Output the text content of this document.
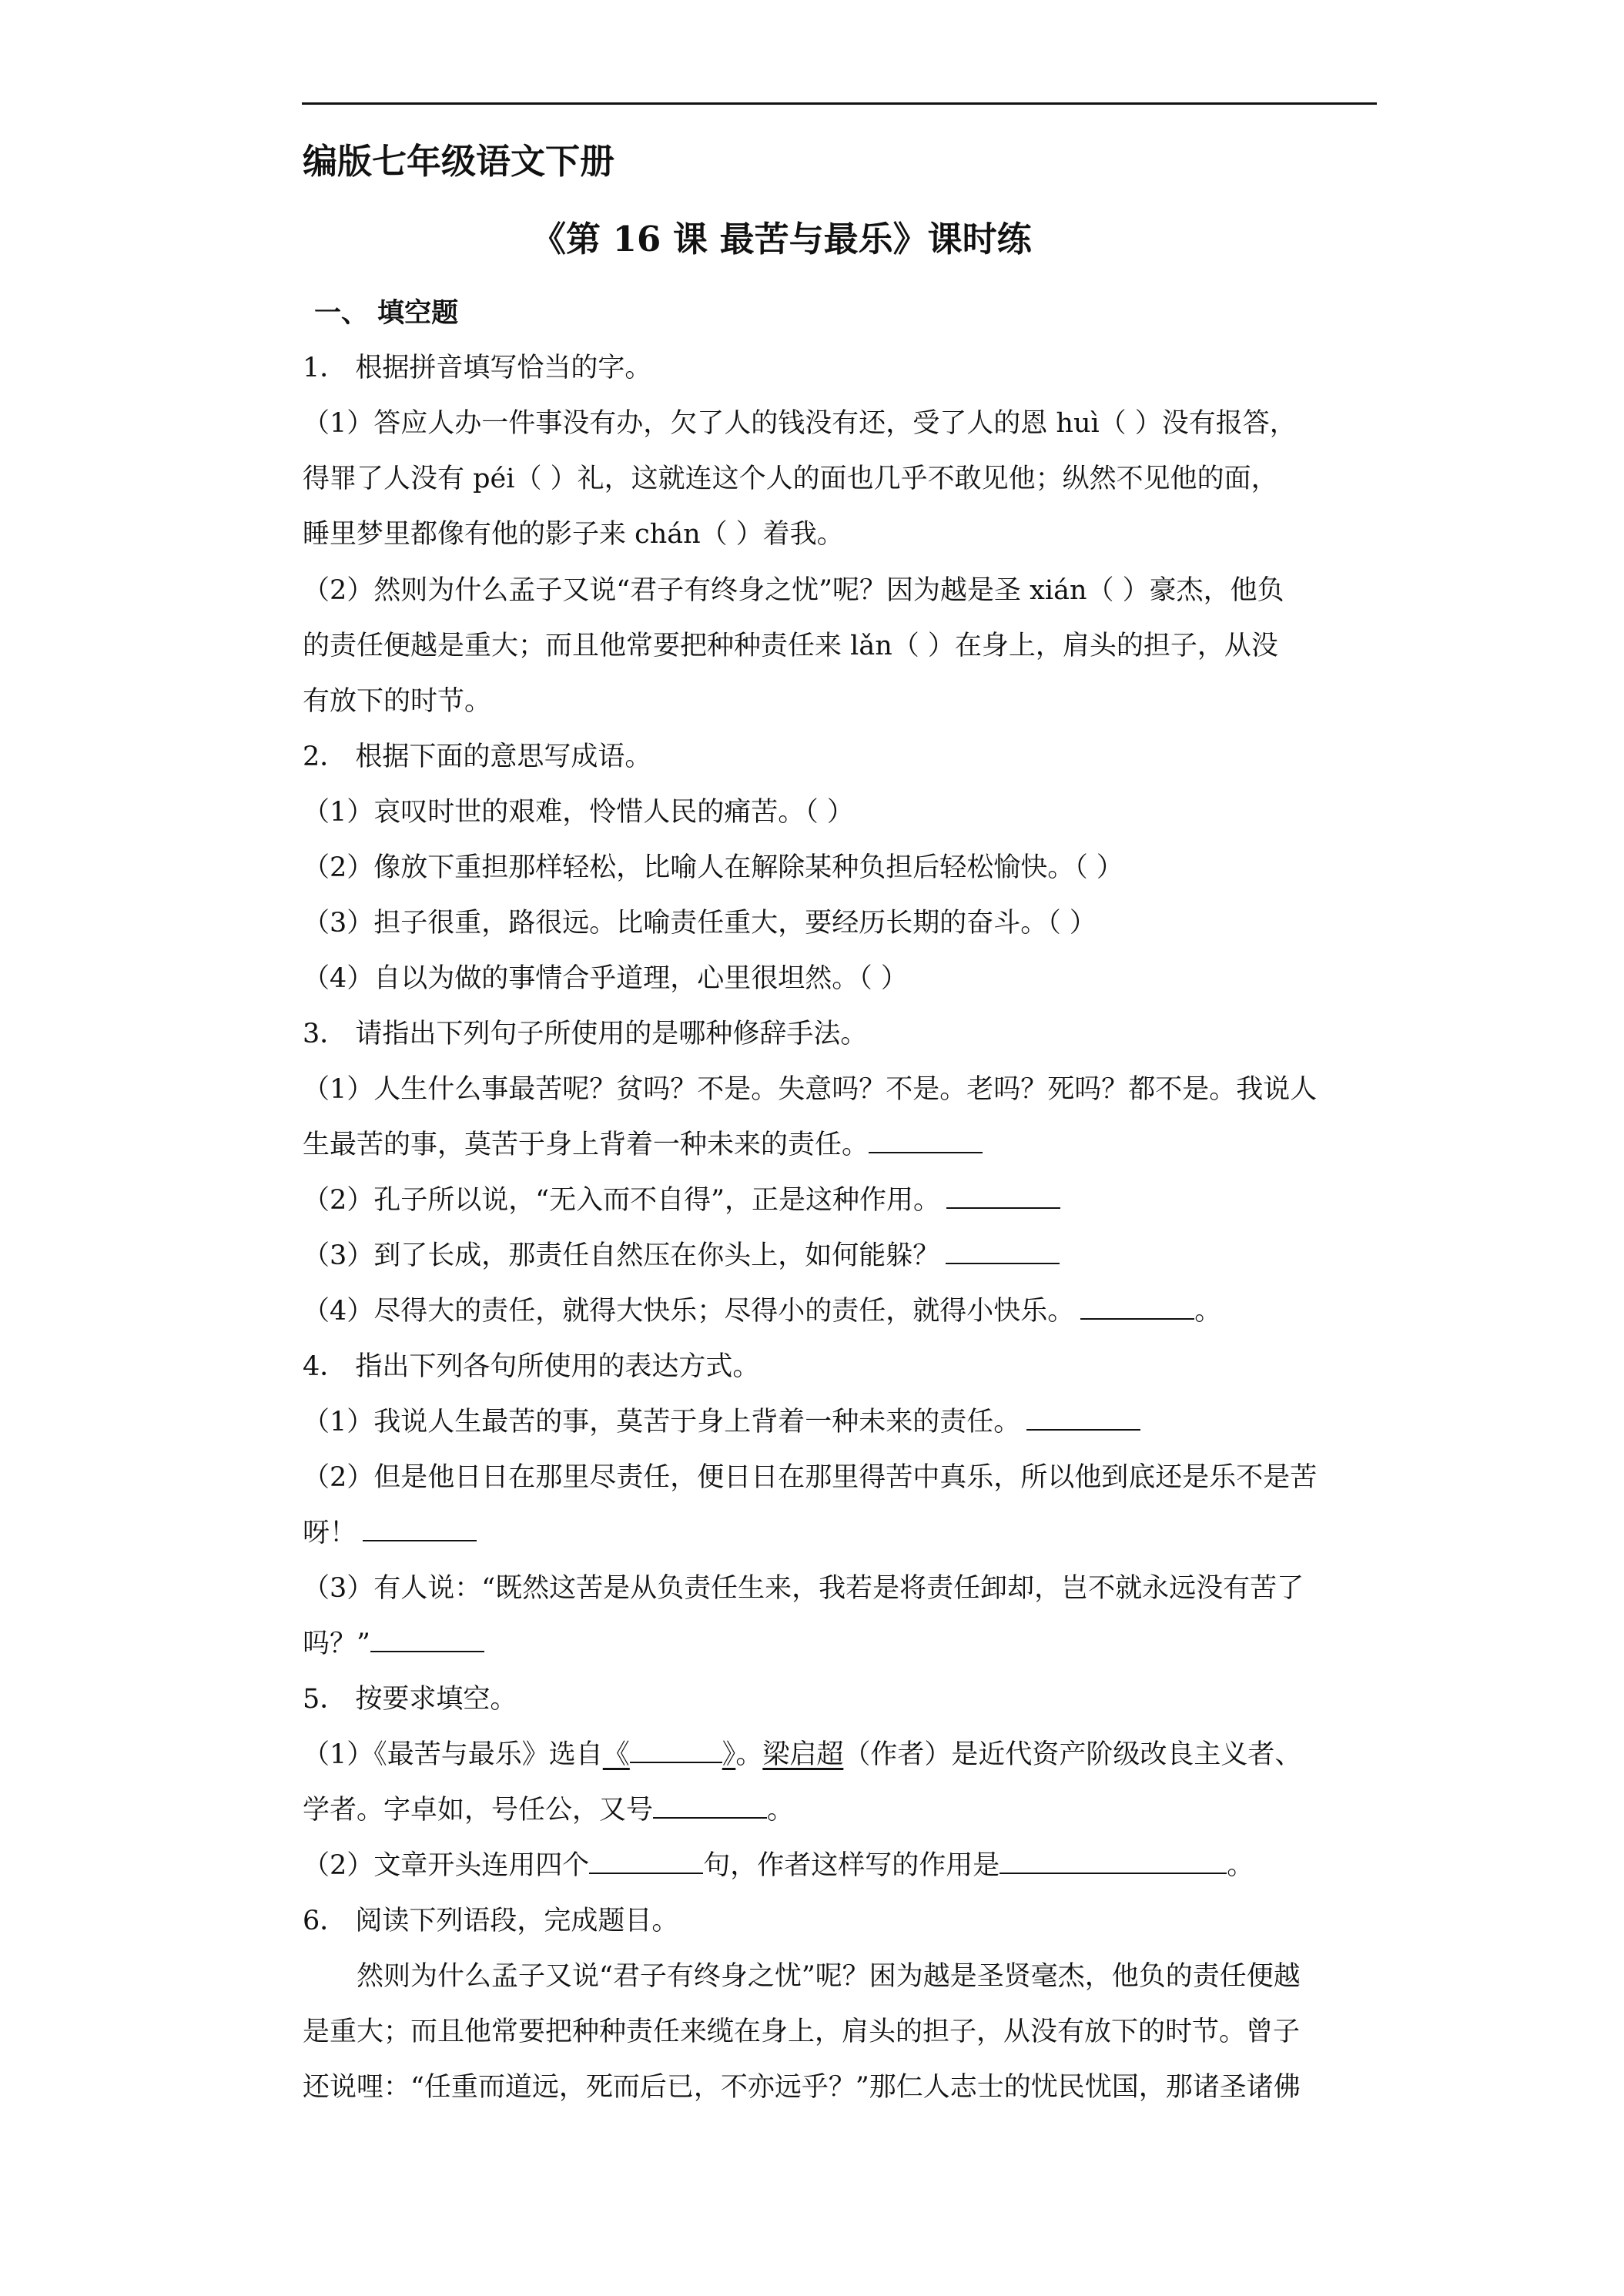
编版七年级语文下册
《第 16 课 最苦与最乐》课时练
一、 填空题
1． 根据拼音填写恰当的字。
（1）答应人办一件事没有办，欠了人的钱没有还，受了人的恩 huì（ ）没有报答，
得罪了人没有 péi（ ）礼，这就连这个人的面也几乎不敢见他；纵然不见他的面，
睡里梦里都像有他的影子来 chán（ ）着我。
（2）然则为什么孟子又说“君子有终身之忧”呢？因为越是圣 xián（ ）豪杰，他负
的责任便越是重大；而且他常要把种种责任来 lǎn（ ）在身上，肩头的担子，从没
有放下的时节。
2． 根据下面的意思写成语。
（1）哀叹时世的艰难，怜惜人民的痛苦。（ ）
（2）像放下重担那样轻松，比喻人在解除某种负担后轻松愉快。（ ）
（3）担子很重，路很远。比喻责任重大，要经历长期的奋斗。（ ）
（4）自以为做的事情合乎道理，心里很坦然。（ ）
3． 请指出下列句子所使用的是哪种修辞手法。
（1）人生什么事最苦呢？贫吗？不是。失意吗？不是。老吗？死吗？都不是。我说人
生最苦的事，莫苦于身上背着一种未来的责任。
（2）孔子所以说，“无入而不自得”，正是这种作用。
（3）到了长成，那责任自然压在你头上，如何能躲？
（4）尽得大的责任，就得大快乐；尽得小的责任，就得小快乐。	。
4． 指出下列各句所使用的表达方式。
（1）我说人生最苦的事，莫苦于身上背着一种未来的责任。
（2）但是他日日在那里尽责任，便日日在那里得苦中真乐，所以他到底还是乐不是苦
呀！
（3）有人说：“既然这苦是从负责任生来，我若是将责任卸却，岂不就永远没有苦了
吗？”
5． 按要求填空。
（1）《最苦与最乐》选自《	》。梁启超（作者）是近代资产阶级改良主义者、
学者。字卓如，号任公，又号	。
（2）文章开头连用四个	句，作者这样写的作用是	。
6． 阅读下列语段，完成题目。
然则为什么孟子又说“君子有终身之忧”呢？困为越是圣贤毫杰，他负的责任便越
是重大；而且他常要把种种责任来缆在身上，肩头的担子，从没有放下的时节。曾子
还说哩：“任重而道远，死而后已，不亦远乎？”那仁人志士的忧民忧国，那诸圣诸佛
